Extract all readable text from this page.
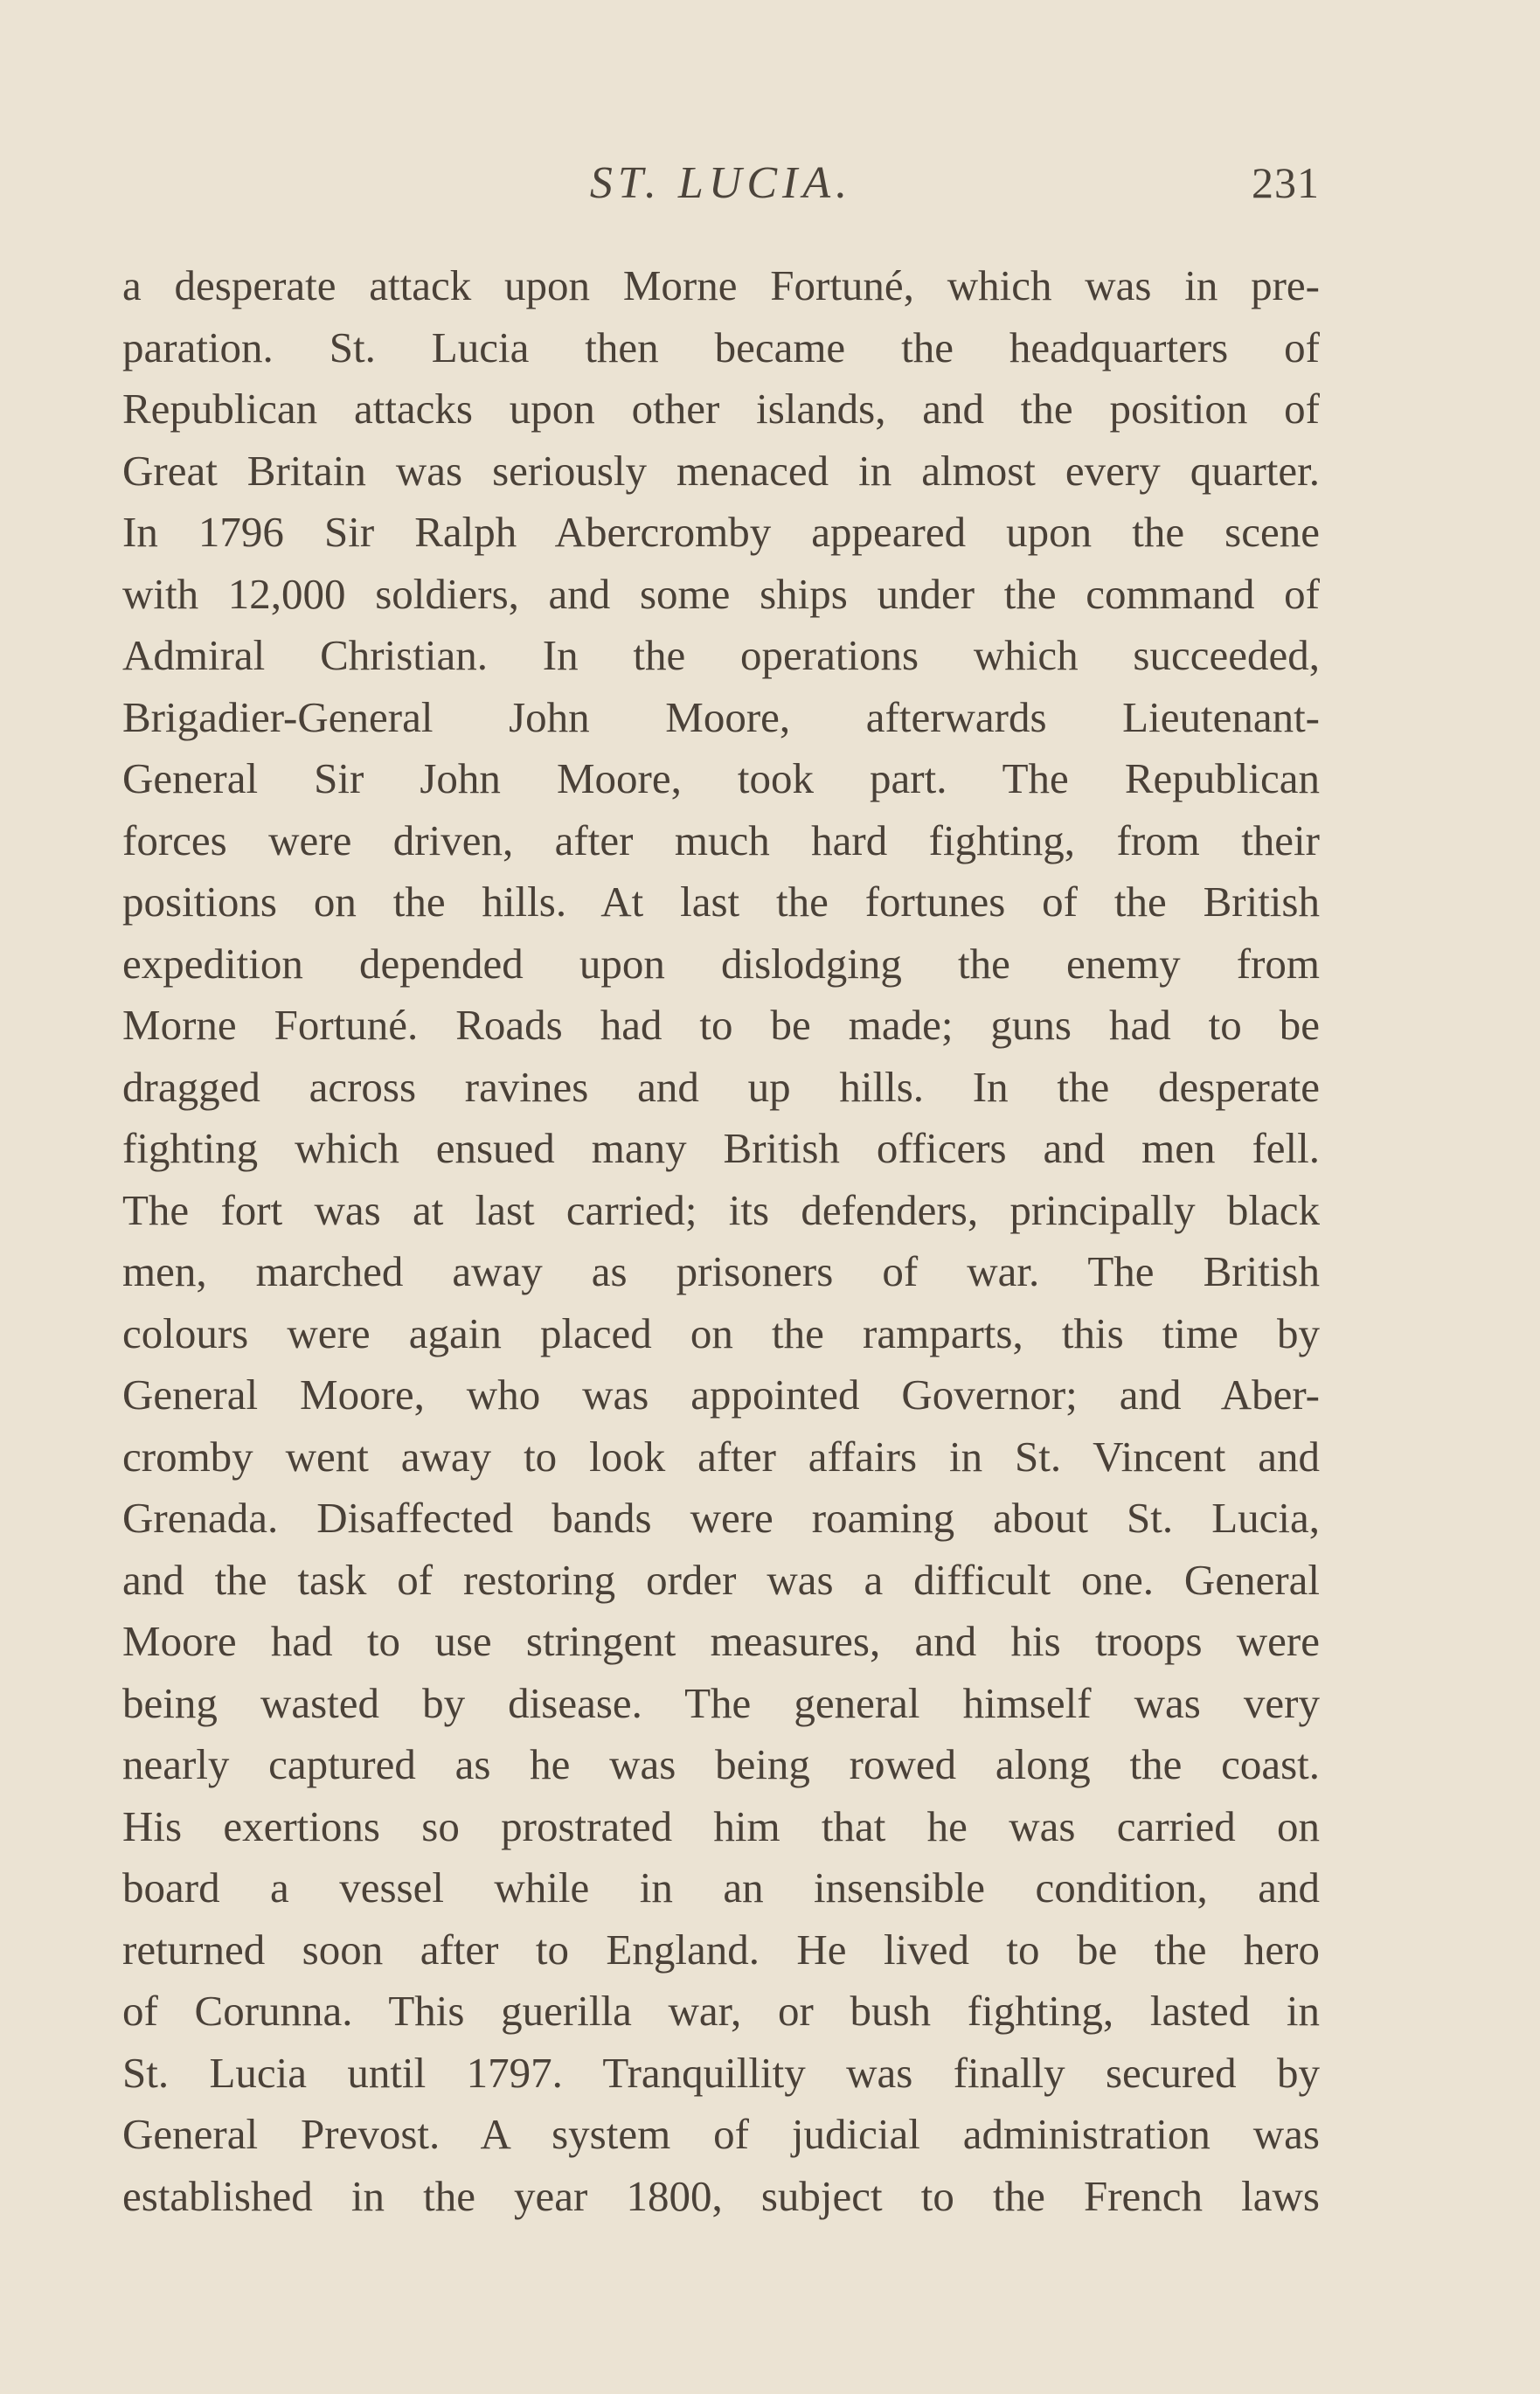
ST. LUCIA.	231
a desperate attack upon Morne Fortuné, which was in pre-
paration. St. Lucia then became the headquarters of
Republican attacks upon other islands, and the position of
Great Britain was seriously menaced in almost every quarter.
In 1796 Sir Ralph Abercromby appeared upon the scene
with 12,000 soldiers, and some ships under the command of
Admiral Christian. In the operations which succeeded,
Brigadier-General John Moore, afterwards Lieutenant-
General Sir John Moore, took part. The Republican
forces were driven, after much hard fighting, from their
positions on the hills. At last the fortunes of the British
expedition depended upon dislodging the enemy from
Morne Fortuné. Roads had to be made; guns had to be
dragged across ravines and up hills. In the desperate
fighting which ensued many British officers and men fell.
The fort was at last carried; its defenders, principally black
men, marched away as prisoners of war. The British
colours were again placed on the ramparts, this time by
General Moore, who was appointed Governor; and Aber-
cromby went away to look after affairs in St. Vincent and
Grenada. Disaffected bands were roaming about St. Lucia,
and the task of restoring order was a difficult one. General
Moore had to use stringent measures, and his troops were
being wasted by disease. The general himself was very
nearly captured as he was being rowed along the coast.
His exertions so prostrated him that he was carried on
board a vessel while in an insensible condition, and
returned soon after to England. He lived to be the hero
of Corunna. This guerilla war, or bush fighting, lasted in
St. Lucia until 1797. Tranquillity was finally secured by
General Prevost. A system of judicial administration was
established in the year 1800, subject to the French laws
